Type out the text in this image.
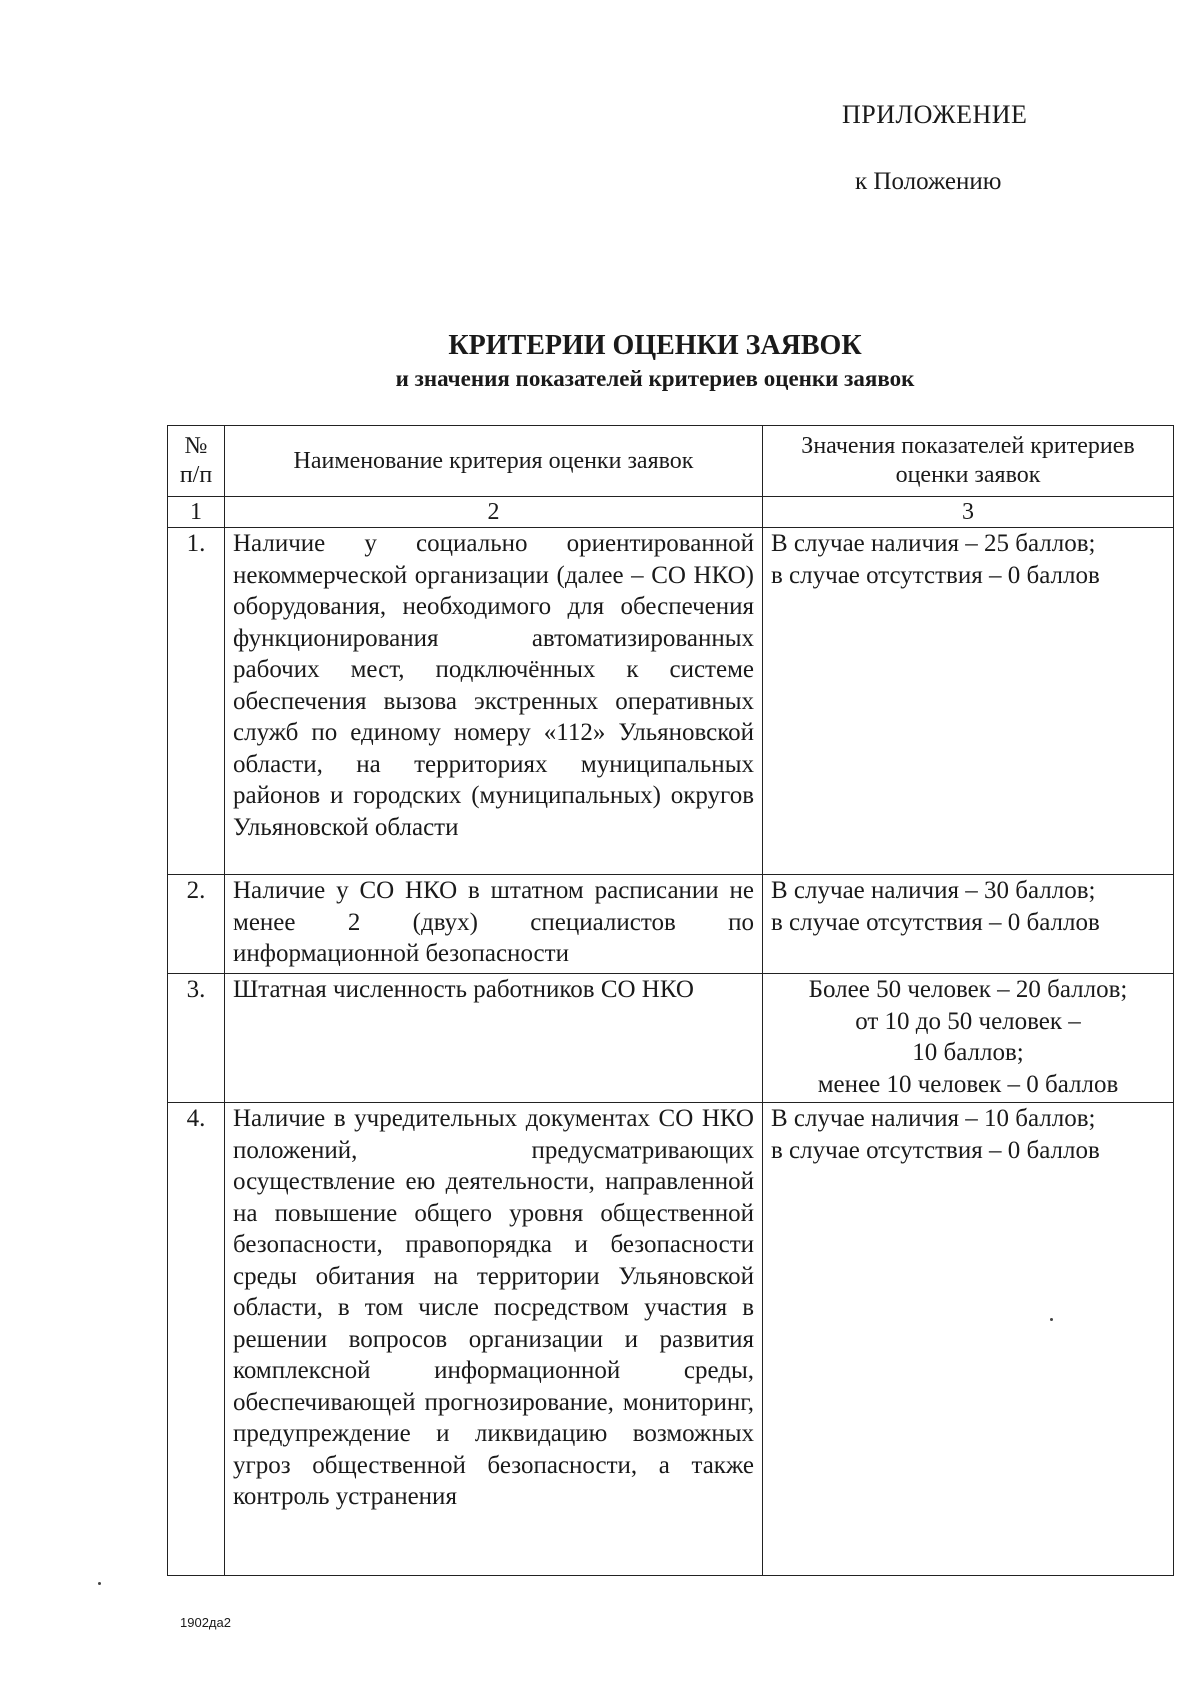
ПРИЛОЖЕНИЕ
к Положению
КРИТЕРИИ ОЦЕНКИ ЗАЯВОК
и значения показателей критериев оценки заявок
№ п/п	Наименование критерия оценки заявок	Значения показателей критериев оценки заявок
1	2	3
1.	Наличие у социально ориентированной некоммерческой организации (далее – СО НКО) оборудования, необходимого для обеспечения функционирования автоматизированных рабочих мест, подключённых к системе обеспечения вызова экстренных оперативных служб по единому номеру «112» Ульяновской области, на территориях муниципальных районов и городских (муниципальных) округов Ульяновской области	В случае наличия – 25 баллов;
в случае отсутствия – 0 баллов

2.	Наличие у СО НКО в штатном расписании не менее 2 (двух) специалистов по информационной безопасности	В случае наличия – 30 баллов;
в случае отсутствия – 0 баллов

3.	Штатная численность работников СО НКО	Более 50 человек – 20 баллов;
от 10 до 50 человек –
10 баллов;
менее 10 человек – 0 баллов

4.	Наличие в учредительных документах СО НКО положений, предусматривающих осуществление ею деятельности, направленной на повышение общего уровня общественной безопасности, правопорядка и безопасности среды обитания на территории Ульяновской области, в том числе посредством участия в решении вопросов организации и развития комплексной информационной среды, обеспечивающей прогнозирование, мониторинг, предупреждение и ликвидацию возможных угроз общественной безопасности, а также контроль устранения	В случае наличия – 10 баллов;
в случае отсутствия – 0 баллов
1902да2
